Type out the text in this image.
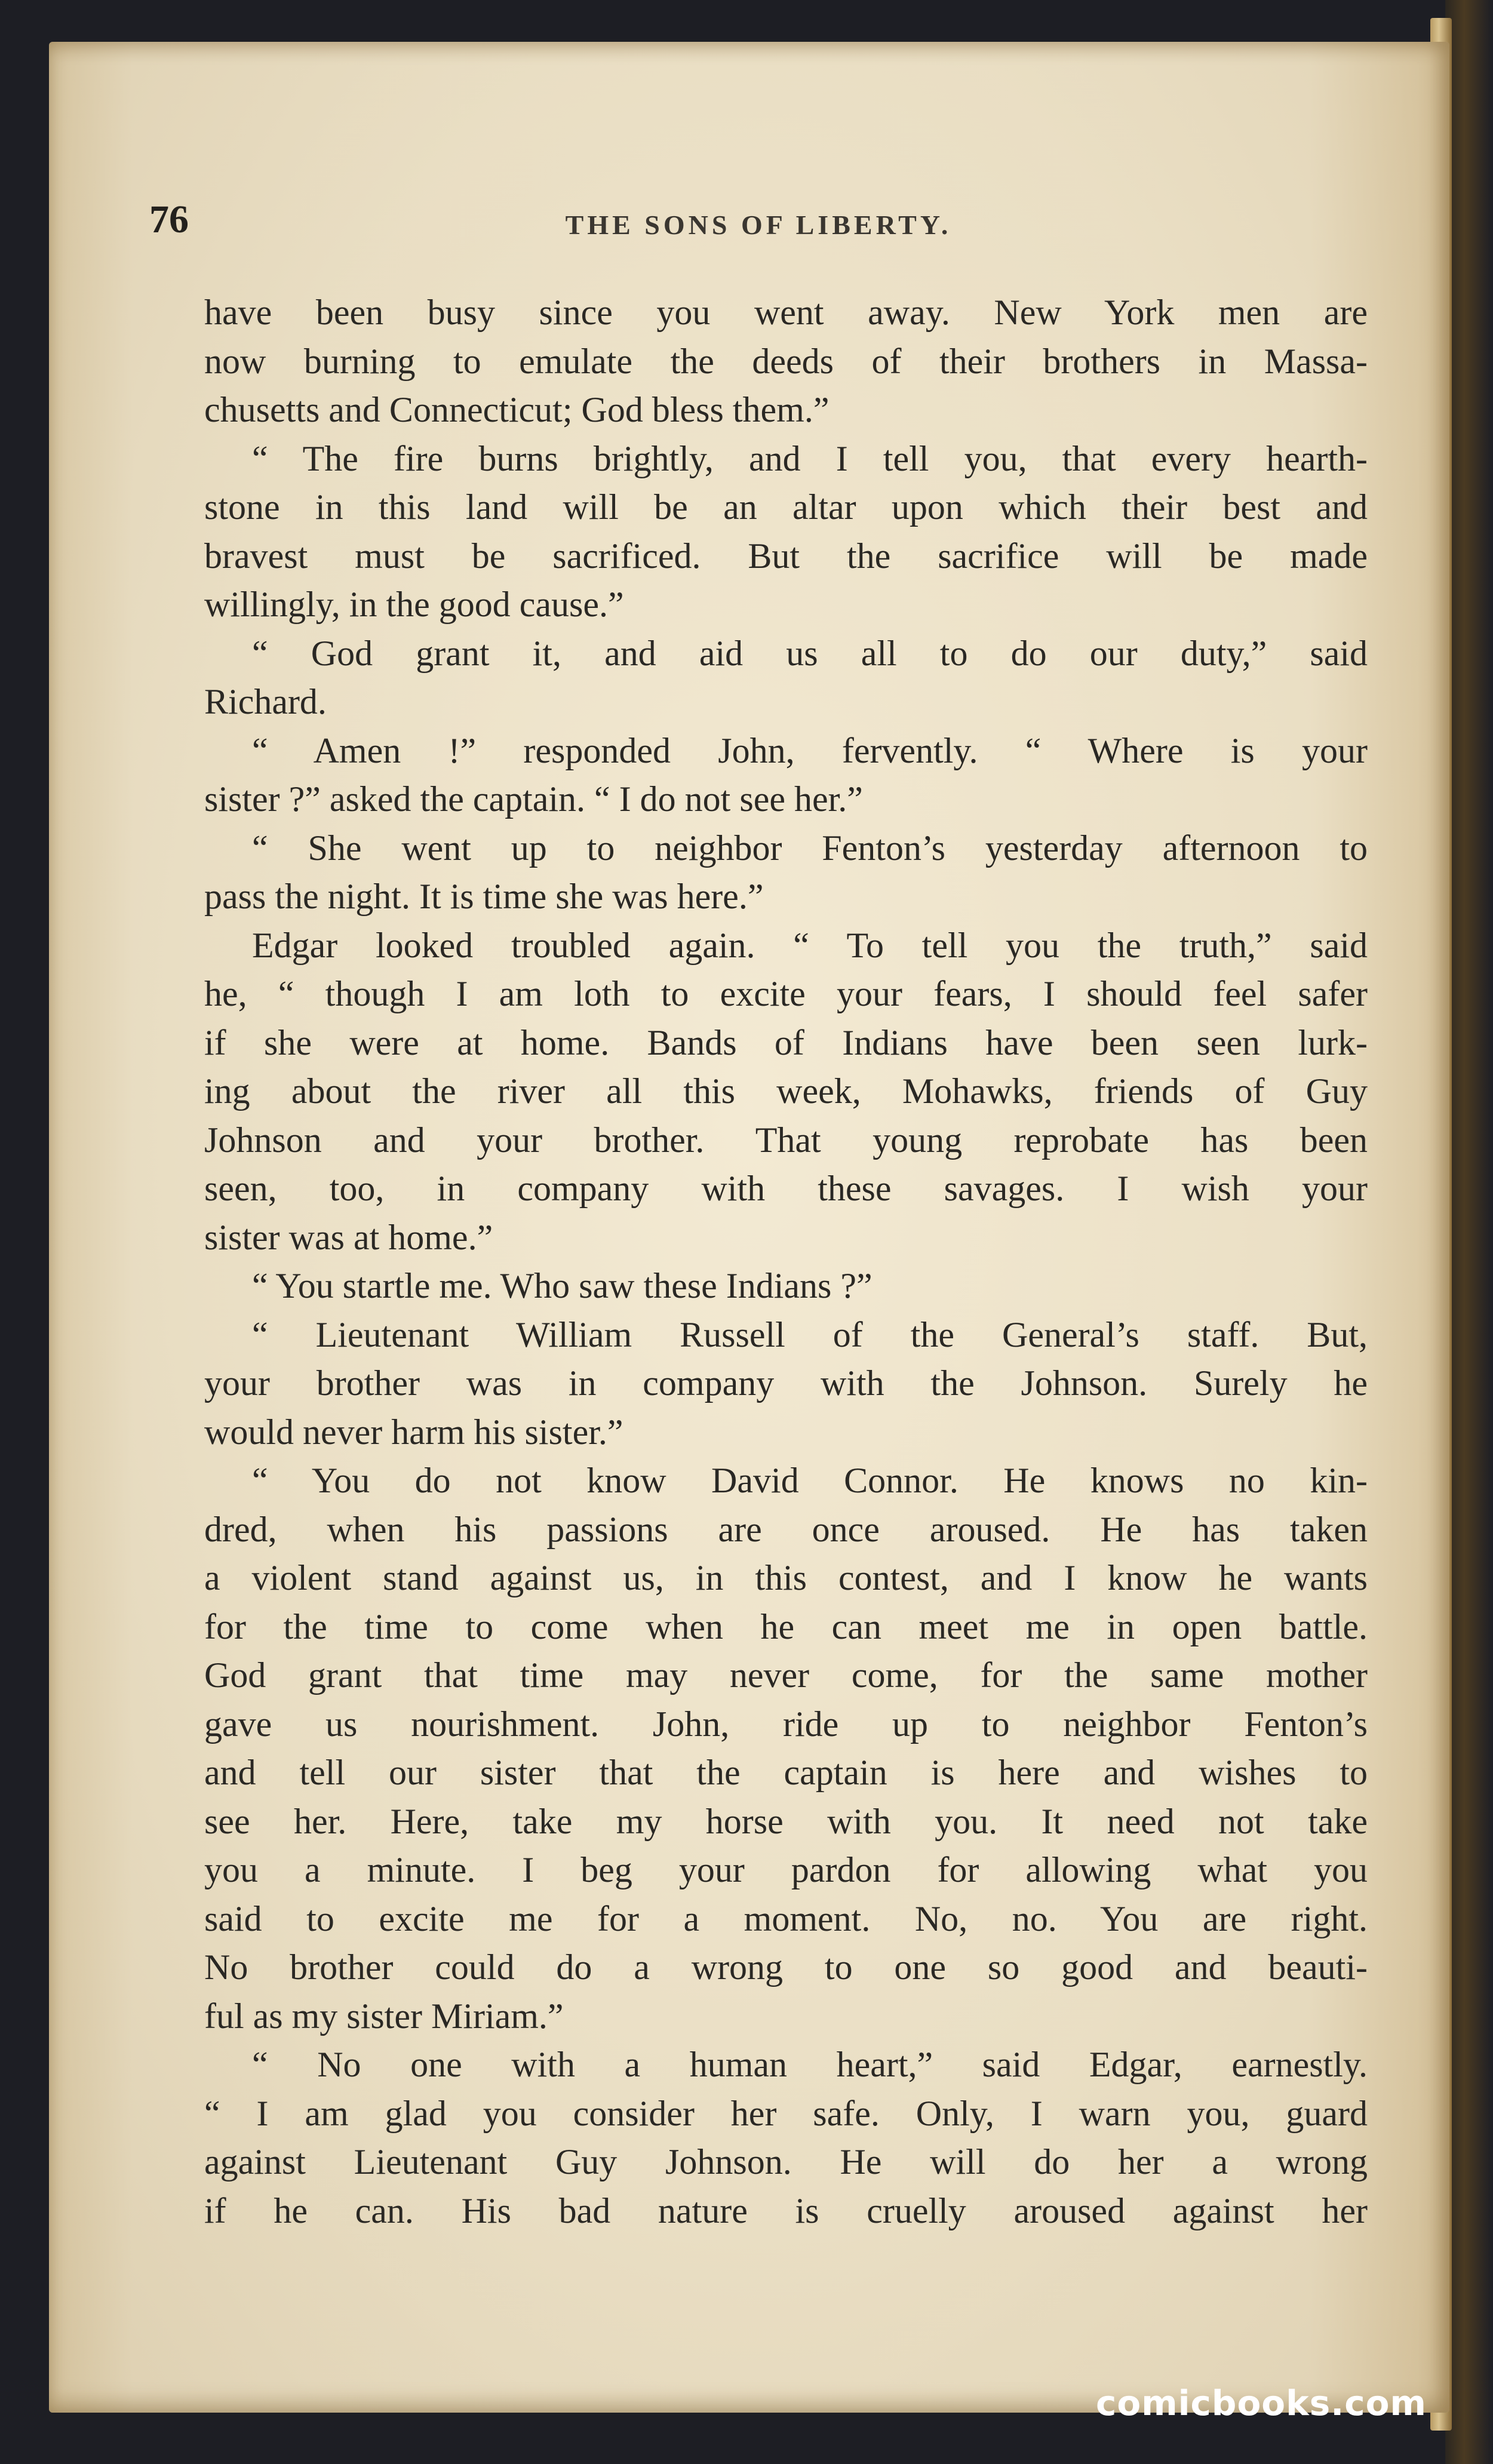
76	THE SONS OF LIBERTY.
have been busy since you went away. New York men are
now burning to emulate the deeds of their brothers in Massa-
chusetts and Connecticut; God bless them.”
“ The fire burns brightly, and I tell you, that every hearth-
stone in this land will be an altar upon which their best and
bravest must be sacrificed. But the sacrifice will be made
willingly, in the good cause.”
“ God grant it, and aid us all to do our duty,” said
Richard.
“ Amen !” responded John, fervently. “ Where is your
sister ?” asked the captain. “ I do not see her.”
“ She went up to neighbor Fenton’s yesterday afternoon to
pass the night. It is time she was here.”
Edgar looked troubled again. “ To tell you the truth,” said
he, “ though I am loth to excite your fears, I should feel safer
if she were at home. Bands of Indians have been seen lurk-
ing about the river all this week, Mohawks, friends of Guy
Johnson and your brother. That young reprobate has been
seen, too, in company with these savages. I wish your
sister was at home.”
“ You startle me. Who saw these Indians ?”
“ Lieutenant William Russell of the General’s staff. But,
your brother was in company with the Johnson. Surely he
would never harm his sister.”
“ You do not know David Connor. He knows no kin-
dred, when his passions are once aroused. He has taken
a violent stand against us, in this contest, and I know he wants
for the time to come when he can meet me in open battle.
God grant that time may never come, for the same mother
gave us nourishment. John, ride up to neighbor Fenton’s
and tell our sister that the captain is here and wishes to
see her. Here, take my horse with you. It need not take
you a minute. I beg your pardon for allowing what you
said to excite me for a moment. No, no. You are right.
No brother could do a wrong to one so good and beauti-
ful as my sister Miriam.”
“ No one with a human heart,” said Edgar, earnestly.
“ I am glad you consider her safe. Only, I warn you, guard
against Lieutenant Guy Johnson. He will do her a wrong
if he can. His bad nature is cruelly aroused against her
comicbooks.com
